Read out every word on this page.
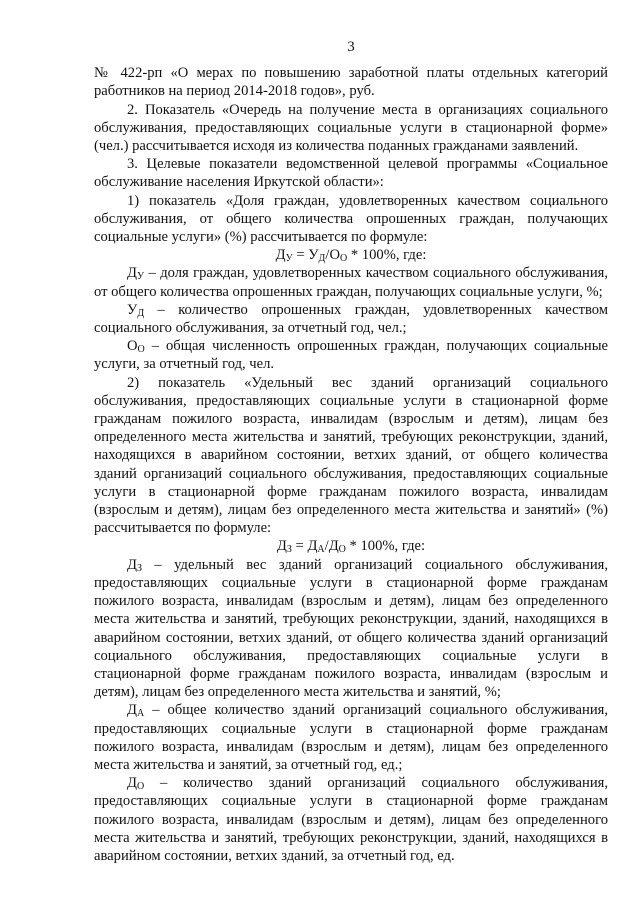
3

№ 422-рп «О мерах по повышению заработной платы отдельных категорий работников на период 2014-2018 годов», руб.

2. Показатель «Очередь на получение места в организациях социального обслуживания, предоставляющих социальные услуги в стационарной форме» (чел.) рассчитывается исходя из количества поданных гражданами заявлений.

3. Целевые показатели ведомственной целевой программы «Социальное обслуживание населения Иркутской области»:

1) показатель «Доля граждан, удовлетворенных качеством социального обслуживания, от общего количества опрошенных граждан, получающих социальные услуги» (%) рассчитывается по формуле:

$Д_У = У_Д/О_О * 100\%$, где:

$Д_У$ – доля граждан, удовлетворенных качеством социального обслуживания, от общего количества опрошенных граждан, получающих социальные услуги, %;

$У_Д$ – количество опрошенных граждан, удовлетворенных качеством социального обслуживания, за отчетный год, чел.;

$О_О$ – общая численность опрошенных граждан, получающих социальные услуги, за отчетный год, чел.

2) показатель «Удельный вес зданий организаций социального обслуживания, предоставляющих социальные услуги в стационарной форме гражданам пожилого возраста, инвалидам (взрослым и детям), лицам без определенного места жительства и занятий, требующих реконструкции, зданий, находящихся в аварийном состоянии, ветхих зданий, от общего количества зданий организаций социального обслуживания, предоставляющих социальные услуги в стационарной форме гражданам пожилого возраста, инвалидам (взрослым и детям), лицам без определенного места жительства и занятий» (%) рассчитывается по формуле:

$Д_З = Д_А/Д_О * 100\%$, где:

$Д_З$ – удельный вес зданий организаций социального обслуживания, предоставляющих социальные услуги в стационарной форме гражданам пожилого возраста, инвалидам (взрослым и детям), лицам без определенного места жительства и занятий, требующих реконструкции, зданий, находящихся в аварийном состоянии, ветхих зданий, от общего количества зданий организаций социального обслуживания, предоставляющих социальные услуги в стационарной форме гражданам пожилого возраста, инвалидам (взрослым и детям), лицам без определенного места жительства и занятий, %;

$Д_А$ – общее количество зданий организаций социального обслуживания, предоставляющих социальные услуги в стационарной форме гражданам пожилого возраста, инвалидам (взрослым и детям), лицам без определенного места жительства и занятий, за отчетный год, ед.;

$Д_О$ – количество зданий организаций социального обслуживания, предоставляющих социальные услуги в стационарной форме гражданам пожилого возраста, инвалидам (взрослым и детям), лицам без определенного места жительства и занятий, требующих реконструкции, зданий, находящихся в аварийном состоянии, ветхих зданий, за отчетный год, ед.
